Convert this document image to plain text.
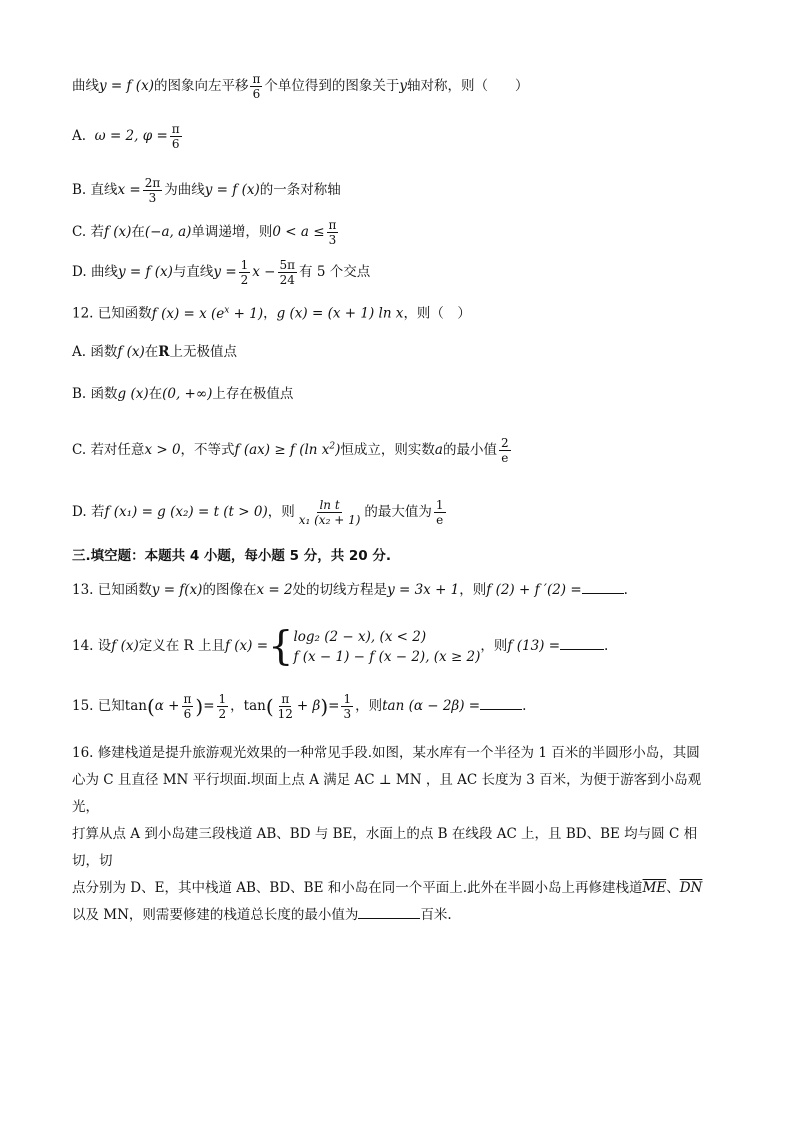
曲线y = f (x)的图象向左平移 $\frac{\pi}{6}$ 个单位得到的图象关于y轴对称，则（　　）
A. ω = 2, $\varphi = \frac{\pi}{6}$
B. 直线$x = \frac{2\pi}{3}$ 为曲线y = f (x)的一条对称轴
C. 若f (x)在(−a, a)单调递增，则$0 < a \le \frac{\pi}{3}$
D. 曲线y = f (x)与直线$y = \frac{1}{2}$ $x - \frac{5\pi}{24}$ 有 5 个交点
12. 已知函数f (x) = x $(e^x + 1)$，g (x) = (x + 1) ln x，则（　）
A. 函数f (x)在R上无极值点
B. 函数g (x)在(0, +∞)上存在极值点
C. 若对任意x > 0，不等式f (ax) ≥ f (ln $x^2$)恒成立，则实数a的最小值 $\frac{2}{e}$
D. 若f (x₁) = g (x₂) = t (t > 0)，则 $\frac{\text{ln t}}{\text{x₁ (x₂ + 1)}}$ 的最大值为 $\frac{1}{e}$
三.填空题：本题共 4 小题，每小题 5 分，共 20 分.
13. 已知函数y = f(x)的图像在x = 2处的切线方程是y = 3x + 1，则f (2) + f ′(2) =	.
14. 设f (x)定义在 R 上且f (x) ={ log₂ (2 − x), (x < 2)
f (x − 1) − f (x − 2), (x ≥ 2)
，则f (13) =	.
15. 已知$\tan(\alpha + \frac{\pi}{6}$ )= $\frac{1}{2}$ ，$\tan( \frac{\pi}{12} + \beta)= \frac{1}{3}$ ，则tan (α − 2β) =	.
16. 修建栈道是提升旅游观光效果的一种常见手段.如图，某水库有一个半径为 1 百米的半圆形小岛，其圆
心为 C 且直径 MN 平行坝面.坝面上点 A 满足 AC ⊥ MN ，且 AC 长度为 3 百米，为便于游客到小岛观光，
打算从点 A 到小岛建三段栈道 AB、BD 与 BE，水面上的点 B 在线段 AC 上，且 BD、BE 均与圆 C 相切，切
点分别为 D、E，其中栈道 AB、BD、BE 和小岛在同一个平面上.此外在半圆小岛上再修建栈道$\overline{ME}$、$\overline{DN}$
以及 MN，则需要修建的栈道总长度的最小值为	百米.
